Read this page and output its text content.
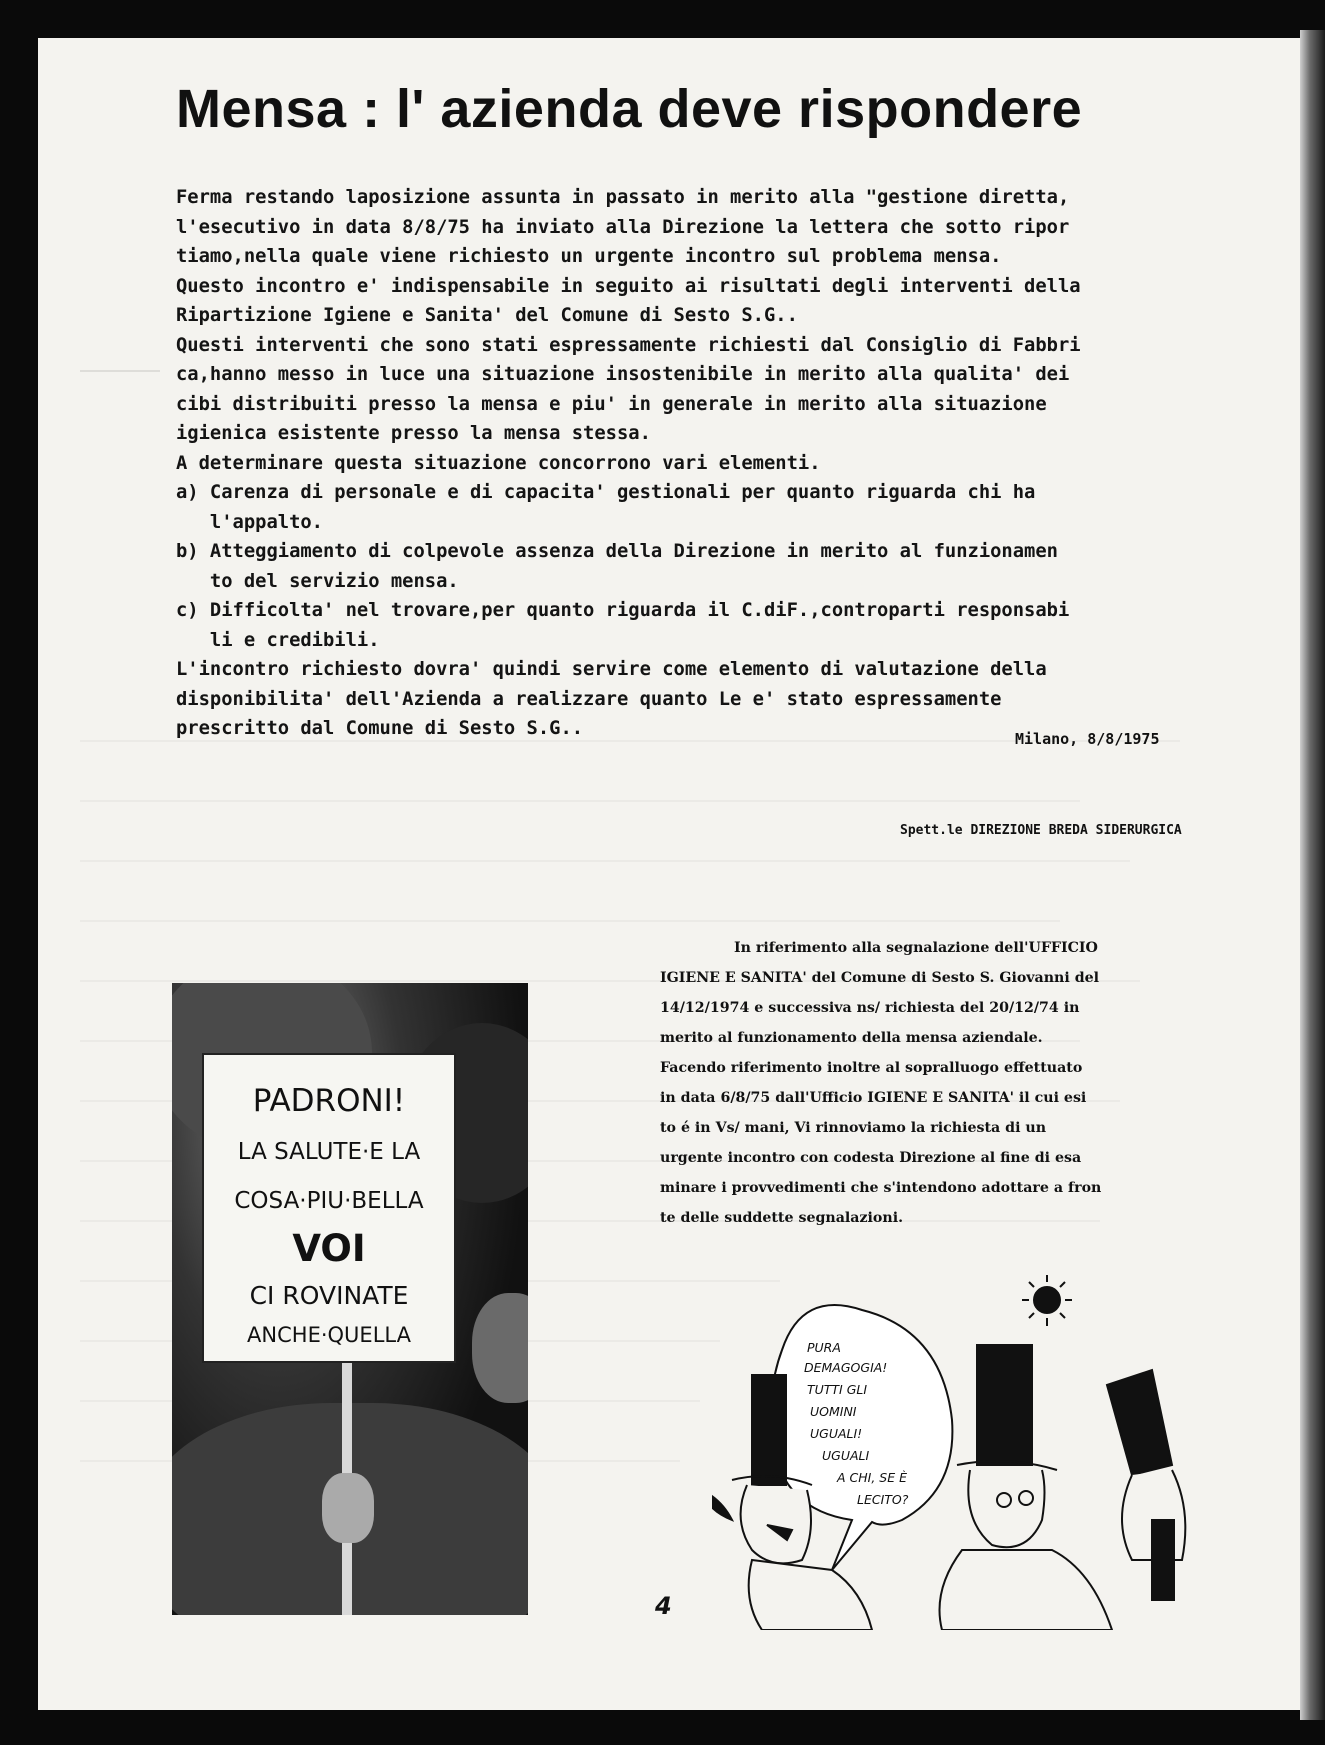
Mensa : l' azienda deve rispondere

Ferma restando laposizione assunta in passato in merito alla "gestione diretta,

l'esecutivo in data 8/8/75 ha inviato alla Direzione la lettera che sotto ripor

tiamo,nella quale viene richiesto un urgente incontro sul problema mensa.

Questo incontro e' indispensabile in seguito ai risultati degli interventi della

Ripartizione Igiene e Sanita' del Comune di Sesto S.G..

Questi interventi che sono stati espressamente richiesti dal Consiglio di Fabbri

ca,hanno messo in luce una situazione insostenibile in merito alla qualita' dei

cibi distribuiti presso la mensa e piu' in generale in merito alla situazione

igienica esistente presso la mensa stessa.

A determinare questa situazione concorrono vari elementi.

a) Carenza di personale e di capacita' gestionali per quanto riguarda chi ha

l'appalto.

b) Atteggiamento di colpevole assenza della Direzione in merito al funzionamen

to del servizio mensa.

c) Difficolta' nel trovare,per quanto riguarda il C.diF.,controparti responsabi

li e credibili.

L'incontro richiesto dovra' quindi servire come elemento di valutazione della

disponibilita' dell'Azienda a realizzare quanto Le e' stato espressamente

prescritto dal Comune di Sesto S.G..	Milano, 8/8/1975
Spett.le DIREZIONE BREDA SIDERURGICA

In riferimento alla segnalazione dell'UFFICIO

IGIENE E SANITA' del Comune di Sesto S. Giovanni del

14/12/1974 e successiva ns/ richiesta del 20/12/74 in

merito al funzionamento della mensa aziendale.

Facendo riferimento inoltre al sopralluogo effettuato

in data 6/8/75 dall'Ufficio IGIENE E SANITA' il cui esi

to é in Vs/ mani, Vi rinnoviamo la richiesta di un

urgente incontro con codesta Direzione al fine di esa

minare i provvedimenti che s'intendono adottare a fron

te delle suddette segnalazioni.

PADRONI!
LA SALUTE·E LA
COSA·PIU·BELLA
VOI
CI ROVINATE
ANCHE·QUELLA
PURA
DEMAGOGIA!
TUTTI GLI
UOMINI
UGUALI!
UGUALI
A CHI, SE È
LECITO?
4
